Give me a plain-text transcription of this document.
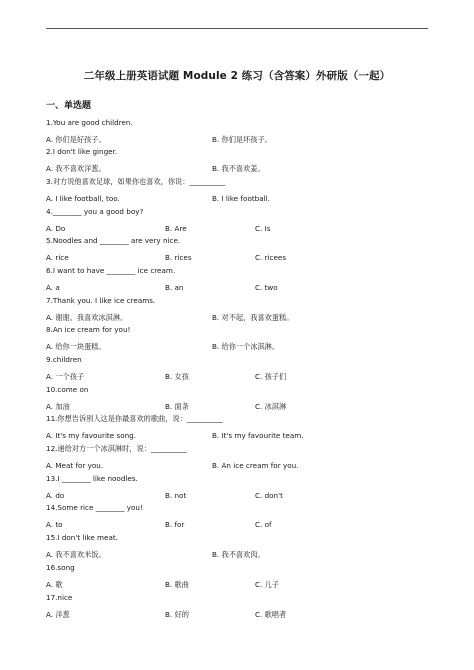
二年级上册英语试题 Module 2 练习（含答案）外研版（一起）
一、单选题
1.You are good children.
A. 你们是好孩子。	B. 你们是坏孩子。
2.I don't like ginger.
A. 我不喜欢洋葱。	B. 我不喜欢姜。
3.对方说他喜欢足球，如果你也喜欢，你说：__________
A. I like football, too.	B. I like football.
4.________ you a good boy?
A. Do	B. Are	C. Is
5.Noodles and ________ are very nice.
A. rice	B. rices	C. ricees
6.I want to have ________ ice cream.
A. a	B. an	C. two
7.Thank you. I like ice creams.
A. 谢谢。我喜欢冰淇淋。	B. 对不起，我喜欢蛋糕。
8.An ice cream for you!
A. 给你一块蛋糕。	B. 给你一个冰淇淋。
9.children
A. 一个孩子	B. 女孩	C. 孩子们
10.come on
A. 加油	B. 面条	C. 冰淇淋
11.你想告诉别人这是你最喜欢的歌曲，说：__________
A. It's my favourite song.	B. It's my favourite team.
12.递给对方一个冰淇淋时，说：__________
A. Meat for you.	B. An ice cream for you.
13.I ________ like noodles.
A. do	B. not	C. don't
14.Some rice ________ you!
A. to	B. for	C. of
15.I don't like meat.
A. 我不喜欢米饭。	B. 我不喜欢肉。
16.song
A. 歌	B. 歌曲	C. 儿子
17.nice
A. 洋葱	B. 好的	C. 歌唱者
